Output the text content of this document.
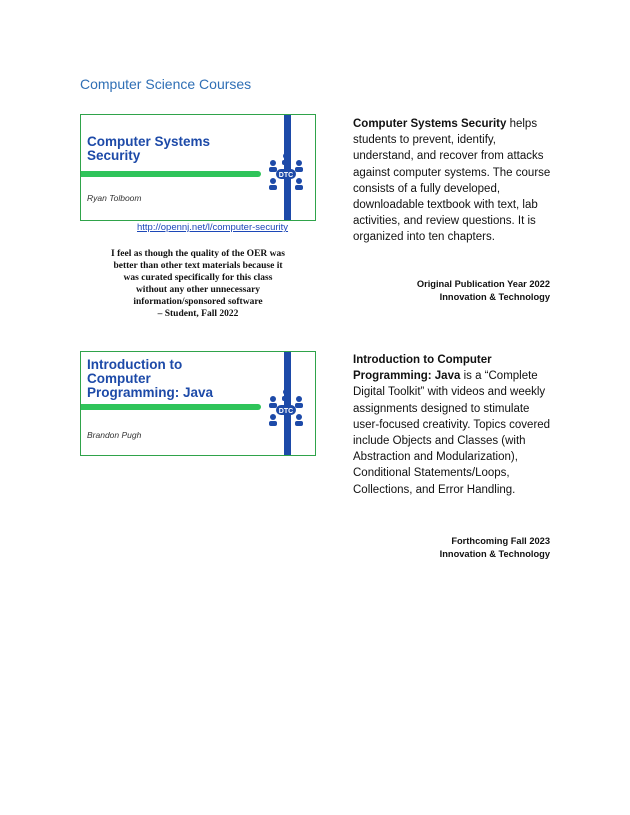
Computer Science Courses
Computer Systems
Security
Ryan Tolboom
DTC
http://opennj.net/l/computer-security
I feel as though the quality of the OER was
better than other text materials because it
was curated specifically for this class
without any other unnecessary
information/sponsored software
– Student, Fall 2022
Computer Systems Security helps students to prevent, identify, understand, and recover from attacks against computer systems. The course consists of a fully developed, downloadable textbook with text, lab activities, and review questions. It is organized into ten chapters.
Original Publication Year 2022
Innovation & Technology
Introduction to
Computer
Programming: Java
Brandon Pugh
DTC
Introduction to Computer Programming: Java is a “Complete Digital Toolkit” with videos and weekly assignments designed to stimulate user-focused creativity. Topics covered include Objects and Classes (with Abstraction and Modularization), Conditional Statements/Loops, Collections, and Error Handling.
Forthcoming Fall 2023
Innovation & Technology
